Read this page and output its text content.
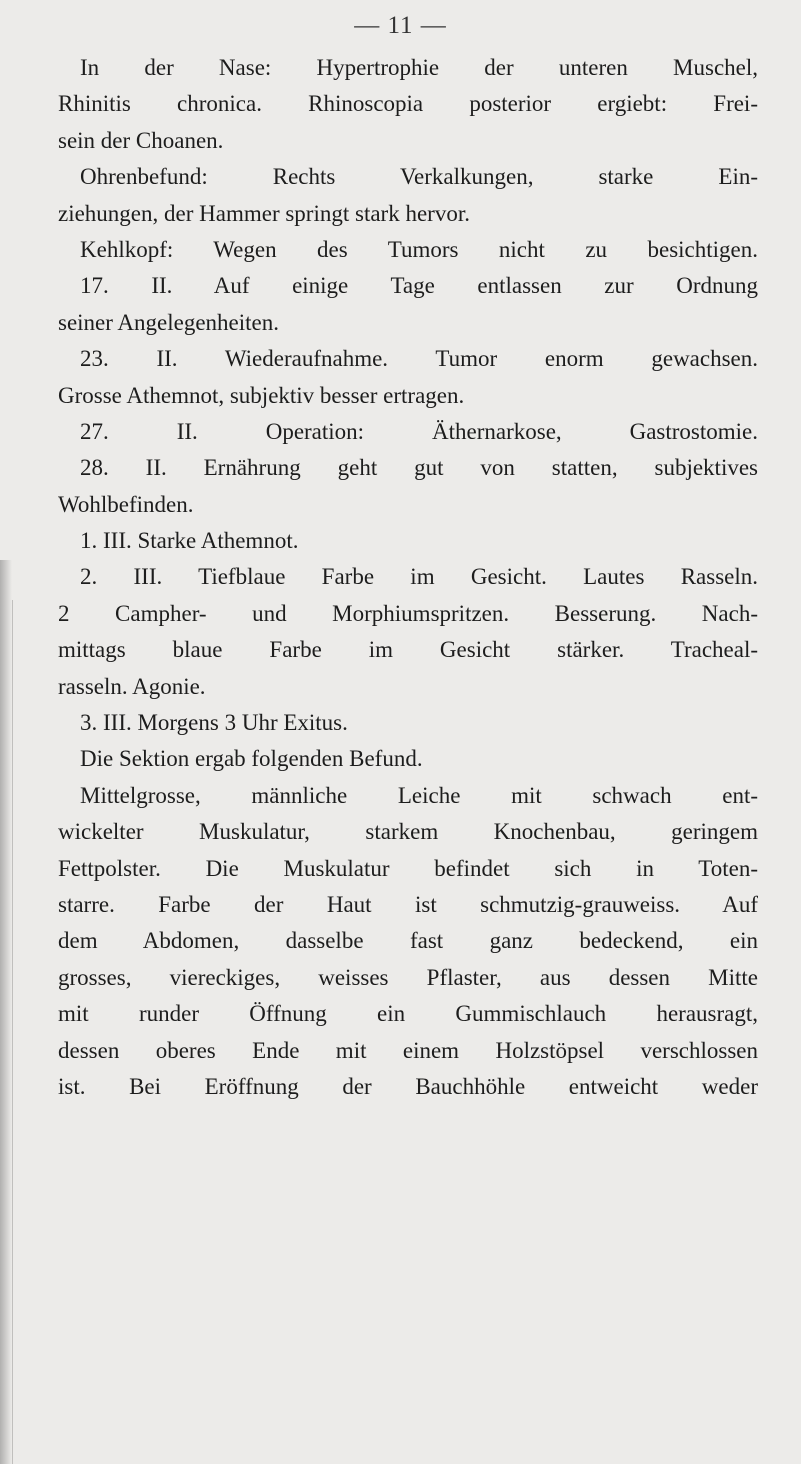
— 11 —
In der Nase: Hypertrophie der unteren Muschel,
Rhinitis chronica. Rhinoscopia posterior ergiebt: Frei-
sein der Choanen.
Ohrenbefund: Rechts Verkalkungen, starke Ein-
ziehungen, der Hammer springt stark hervor.
Kehlkopf: Wegen des Tumors nicht zu besichtigen.
17. II. Auf einige Tage entlassen zur Ordnung
seiner Angelegenheiten.
23. II. Wiederaufnahme. Tumor enorm gewachsen.
Grosse Athemnot, subjektiv besser ertragen.
27. II. Operation: Äthernarkose, Gastrostomie.
28. II. Ernährung geht gut von statten, subjektives
Wohlbefinden.
1. III. Starke Athemnot.
2. III. Tiefblaue Farbe im Gesicht. Lautes Rasseln.
2 Campher- und Morphiumspritzen. Besserung. Nach-
mittags blaue Farbe im Gesicht stärker. Tracheal-
rasseln. Agonie.
3. III. Morgens 3 Uhr Exitus.
Die Sektion ergab folgenden Befund.
Mittelgrosse, männliche Leiche mit schwach ent-
wickelter Muskulatur, starkem Knochenbau, geringem
Fettpolster. Die Muskulatur befindet sich in Toten-
starre. Farbe der Haut ist schmutzig-grauweiss. Auf
dem Abdomen, dasselbe fast ganz bedeckend, ein
grosses, viereckiges, weisses Pflaster, aus dessen Mitte
mit runder Öffnung ein Gummischlauch herausragt,
dessen oberes Ende mit einem Holzstöpsel verschlossen
ist. Bei Eröffnung der Bauchhöhle entweicht weder
